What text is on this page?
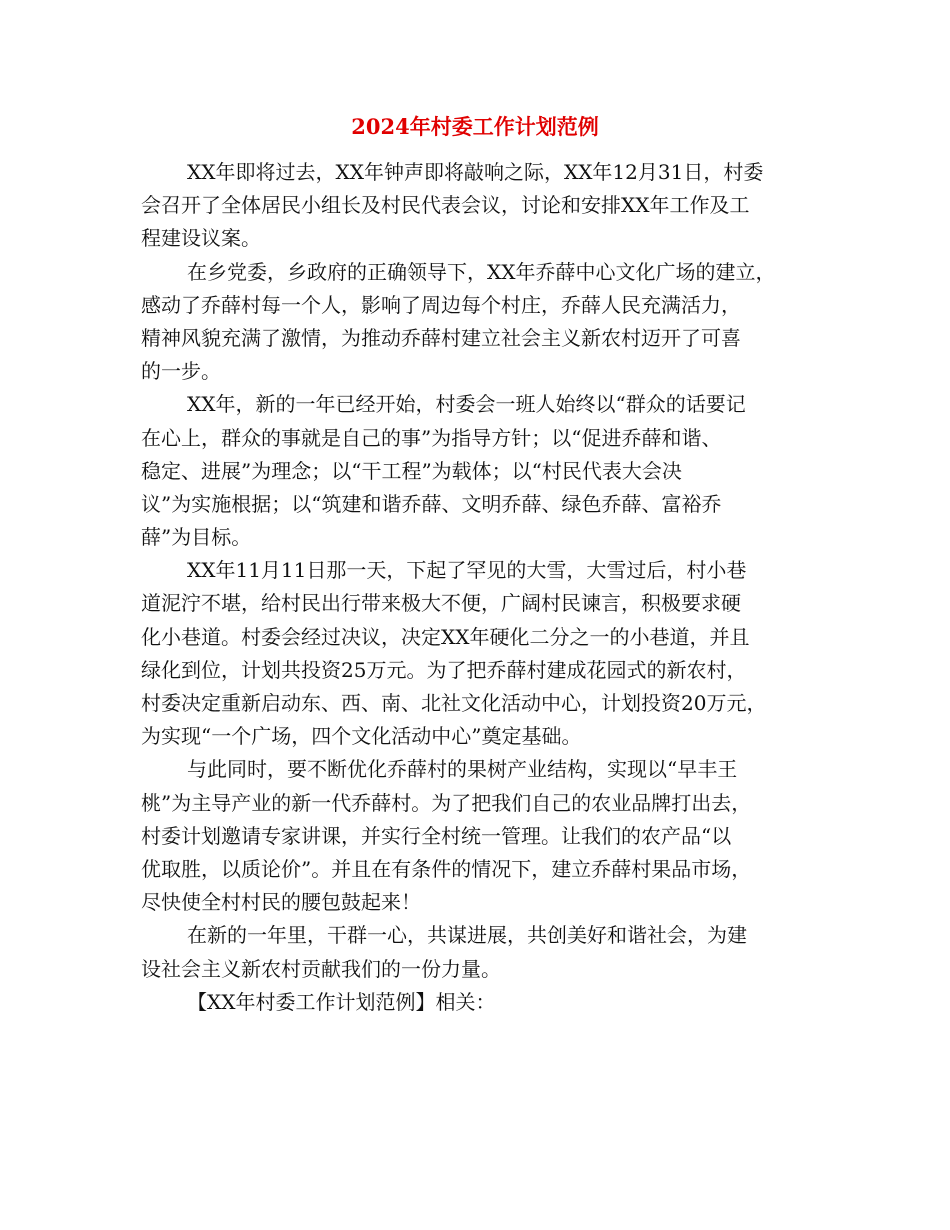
2024年村委工作计划范例

XX年即将过去，XX年钟声即将敲响之际，XX年12月31日，村委
会召开了全体居民小组长及村民代表会议，讨论和安排XX年工作及工
程建设议案。

在乡党委，乡政府的正确领导下，XX年乔薛中心文化广场的建立，
感动了乔薛村每一个人，影响了周边每个村庄，乔薛人民充满活力，
精神风貌充满了激情，为推动乔薛村建立社会主义新农村迈开了可喜
的一步。

XX年，新的一年已经开始，村委会一班人始终以“群众的话要记
在心上，群众的事就是自己的事”为指导方针；以“促进乔薛和谐、
稳定、进展”为理念；以“干工程”为载体；以“村民代表大会决
议”为实施根据；以“筑建和谐乔薛、文明乔薛、绿色乔薛、富裕乔
薛”为目标。

XX年11月11日那一天，下起了罕见的大雪，大雪过后，村小巷
道泥泞不堪，给村民出行带来极大不便，广阔村民谏言，积极要求硬
化小巷道。村委会经过决议，决定XX年硬化二分之一的小巷道，并且
绿化到位，计划共投资25万元。为了把乔薛村建成花园式的新农村，
村委决定重新启动东、西、南、北社文化活动中心，计划投资20万元，
为实现“一个广场，四个文化活动中心”奠定基础。

与此同时，要不断优化乔薛村的果树产业结构，实现以“早丰王
桃”为主导产业的新一代乔薛村。为了把我们自己的农业品牌打出去，
村委计划邀请专家讲课，并实行全村统一管理。让我们的农产品“以
优取胜，以质论价”。并且在有条件的情况下，建立乔薛村果品市场，
尽快使全村村民的腰包鼓起来！

在新的一年里，干群一心，共谋进展，共创美好和谐社会，为建
设社会主义新农村贡献我们的一份力量。

【XX年村委工作计划范例】相关：
